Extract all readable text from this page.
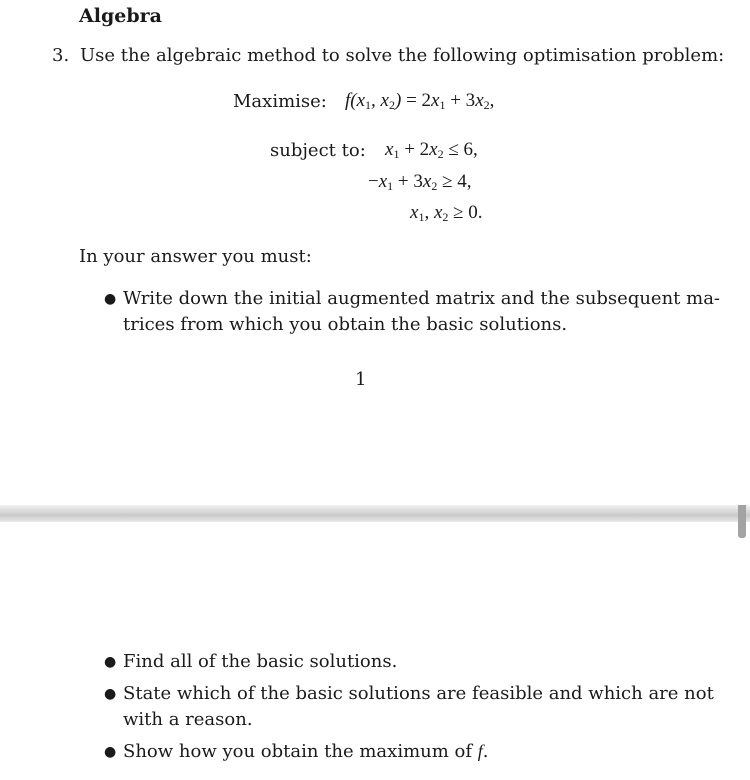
Algebra
3. Use the algebraic method to solve the following optimisation problem:
Maximise: $f(x_1$, $x_2) = 2x_1 + 3x_2$,
subject to: $x_1 + 2x_2 \le 6$,
$-x_1 + 3x_2 \ge 4$,
$x_1$, $x_2 \ge 0$.
In your answer you must:
● Write down the initial augmented matrix and the subsequent ma-
trices from which you obtain the basic solutions.
1
● Find all of the basic solutions.
● State which of the basic solutions are feasible and which are not
with a reason.
● Show how you obtain the maximum of f.
